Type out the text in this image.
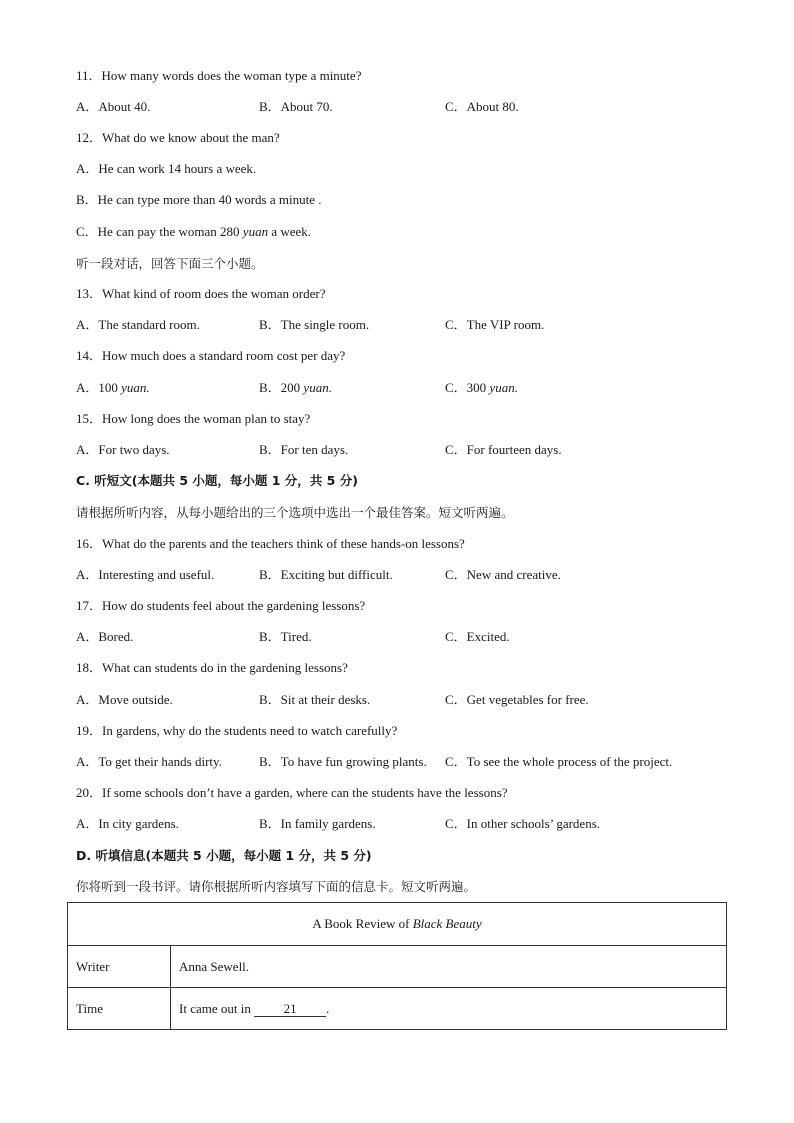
11．How many words does the woman type a minute?
A．About 40.	B．About 70.	C．About 80.
12．What do we know about the man?
A．He can work 14 hours a week.
B．He can type more than 40 words a minute .
C．He can pay the woman 280 yuan a week.
听一段对话，回答下面三个小题。
13．What kind of room does the woman order?
A．The standard room.	B．The single room.	C．The VIP room.
14．How much does a standard room cost per day?
A．100 yuan.	B．200 yuan.	C．300 yuan.
15．How long does the woman plan to stay?
A．For two days.	B．For ten days.	C．For fourteen days.
C. 听短文(本题共 5 小题，每小题 1 分，共 5 分)
请根据所听内容，从每小题给出的三个选项中选出一个最佳答案。短文听两遍。
16．What do the parents and the teachers think of these hands-on lessons?
A．Interesting and useful.	B．Exciting but difficult.	C．New and creative.
17．How do students feel about the gardening lessons?
A．Bored.	B．Tired.	C．Excited.
18．What can students do in the gardening lessons?
A．Move outside.	B．Sit at their desks.	C．Get vegetables for free.
19．In gardens, why do the students need to watch carefully?
A．To get their hands dirty.	B．To have fun growing plants. C．To see the whole process of the project.
20．If some schools don’t have a garden, where can the students have the lessons?
A．In city gardens.	B．In family gardens.	C．In other schools’ gardens.
D. 听填信息(本题共 5 小题，每小题 1 分，共 5 分)
你将听到一段书评。请你根据所听内容填写下面的信息卡。短文听两遍。
A Book Review of Black Beauty	
Writer	Anna Sewell.
Time	It came out in 21 .
